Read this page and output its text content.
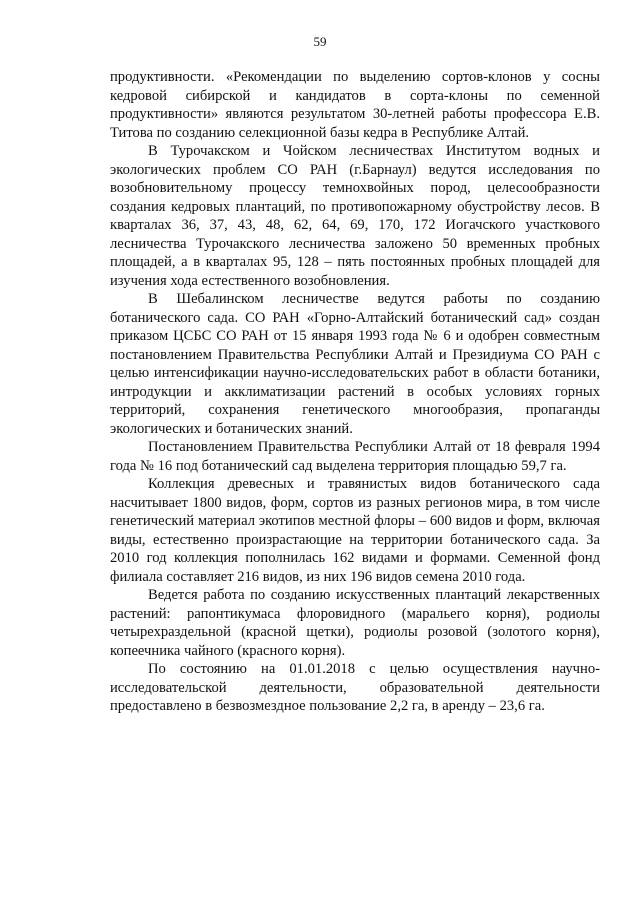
59

продуктивности. «Рекомендации по выделению сортов-клонов у сосны кедровой сибирской и кандидатов в сорта-клоны по семенной продуктивности» являются результатом 30-летней работы профессора Е.В. Титова по созданию селекционной базы кедра в Республике Алтай.

В Турочакском и Чойском лесничествах Институтом водных и экологических проблем СО РАН (г.Барнаул) ведутся исследования по возобновительному процессу темнохвойных пород, целесообразности создания кедровых плантаций, по противопожарному обустройству лесов. В кварталах 36, 37, 43, 48, 62, 64, 69, 170, 172 Иогачского участкового лесничества Турочакского лесничества заложено 50 временных пробных площадей, а в кварталах 95, 128 – пять постоянных пробных площадей для изучения хода естественного возобновления.

В Шебалинском лесничестве ведутся работы по созданию ботанического сада. СО РАН «Горно-Алтайский ботанический сад» создан приказом ЦСБС СО РАН от 15 января 1993 года № 6 и одобрен совместным постановлением Правительства Республики Алтай и Президиума СО РАН с целью интенсификации научно-исследовательских работ в области ботаники, интродукции и акклиматизации растений в особых условиях горных территорий, сохранения генетического многообразия, пропаганды экологических и ботанических знаний.

Постановлением Правительства Республики Алтай от 18 февраля 1994 года № 16 под ботанический сад выделена территория площадью 59,7 га.

Коллекция древесных и травянистых видов ботанического сада насчитывает 1800 видов, форм, сортов из разных регионов мира, в том числе генетический материал экотипов местной флоры – 600 видов и форм, включая виды, естественно произрастающие на территории ботанического сада. За 2010 год коллекция пополнилась 162 видами и формами. Семенной фонд филиала составляет 216 видов, из них 196 видов семена 2010 года.

Ведется работа по созданию искусственных плантаций лекарственных растений: рапонтикумаса флоровидного (маральего корня), родиолы четырехраздельной (красной щетки), родиолы розовой (золотого корня), копеечника чайного (красного корня).

По состоянию на 01.01.2018 с целью осуществления научно-исследовательской деятельности, образовательной деятельности предоставлено в безвозмездное пользование 2,2 га, в аренду – 23,6 га.
